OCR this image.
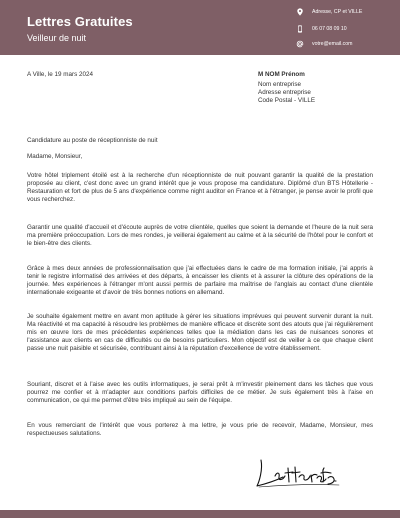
Lettres Gratuites
Veilleur de nuit
Adresse, CP et VILLE
06 07 08 09 10
votre@email.com
A Ville, le 19 mars 2024	M NOM Prénom
Nom entreprise
Adresse entreprise
Code Postal - VILLE
Candidature au poste de réceptionniste de nuit
Madame, Monsieur,
Votre hôtel triplement étoilé est à la recherche d'un réceptionniste de nuit pouvant garantir la qualité de la prestation proposée au client, c'est donc avec un grand intérêt que je vous propose ma candidature. Diplômé d'un BTS Hôtellerie - Restauration et fort de plus de 5 ans d'expérience comme night auditor en France et à l'étranger, je pense avoir le profil que vous recherchez.
Garantir une qualité d'accueil et d'écoute auprès de votre clientèle, quelles que soient la demande et l'heure de la nuit sera ma première préoccupation. Lors de mes rondes, je veillerai également au calme et à la sécurité de l'hôtel pour le confort et le bien-être des clients.
Grâce à mes deux années de professionnalisation que j'ai effectuées dans le cadre de ma formation initiale, j'ai appris à tenir le registre informatisé des arrivées et des départs, à encaisser les clients et à assurer la clôture des opérations de la journée. Mes expériences à l'étranger m'ont aussi permis de parfaire ma maîtrise de l'anglais au contact d'une clientèle internationale exigeante et d'avoir de très bonnes notions en allemand.
Je souhaite également mettre en avant mon aptitude à gérer les situations imprévues qui peuvent survenir durant la nuit. Ma réactivité et ma capacité à résoudre les problèmes de manière efficace et discrète sont des atouts que j'ai régulièrement mis en œuvre lors de mes précédentes expériences telles que la médiation dans les cas de nuisances sonores et l'assistance aux clients en cas de difficultés ou de besoins particuliers. Mon objectif est de veiller à ce que chaque client passe une nuit paisible et sécurisée, contribuant ainsi à la réputation d'excellence de votre établissement.
Souriant, discret et à l'aise avec les outils informatiques, je serai prêt à m'investir pleinement dans les tâches que vous pourrez me confier et à m'adapter aux conditions parfois difficiles de ce métier. Je suis également très à l'aise en communication, ce qui me permet d'être très impliqué au sein de l'équipe.
En vous remerciant de l'intérêt que vous porterez à ma lettre, je vous prie de recevoir, Madame, Monsieur, mes respectueuses salutations.
